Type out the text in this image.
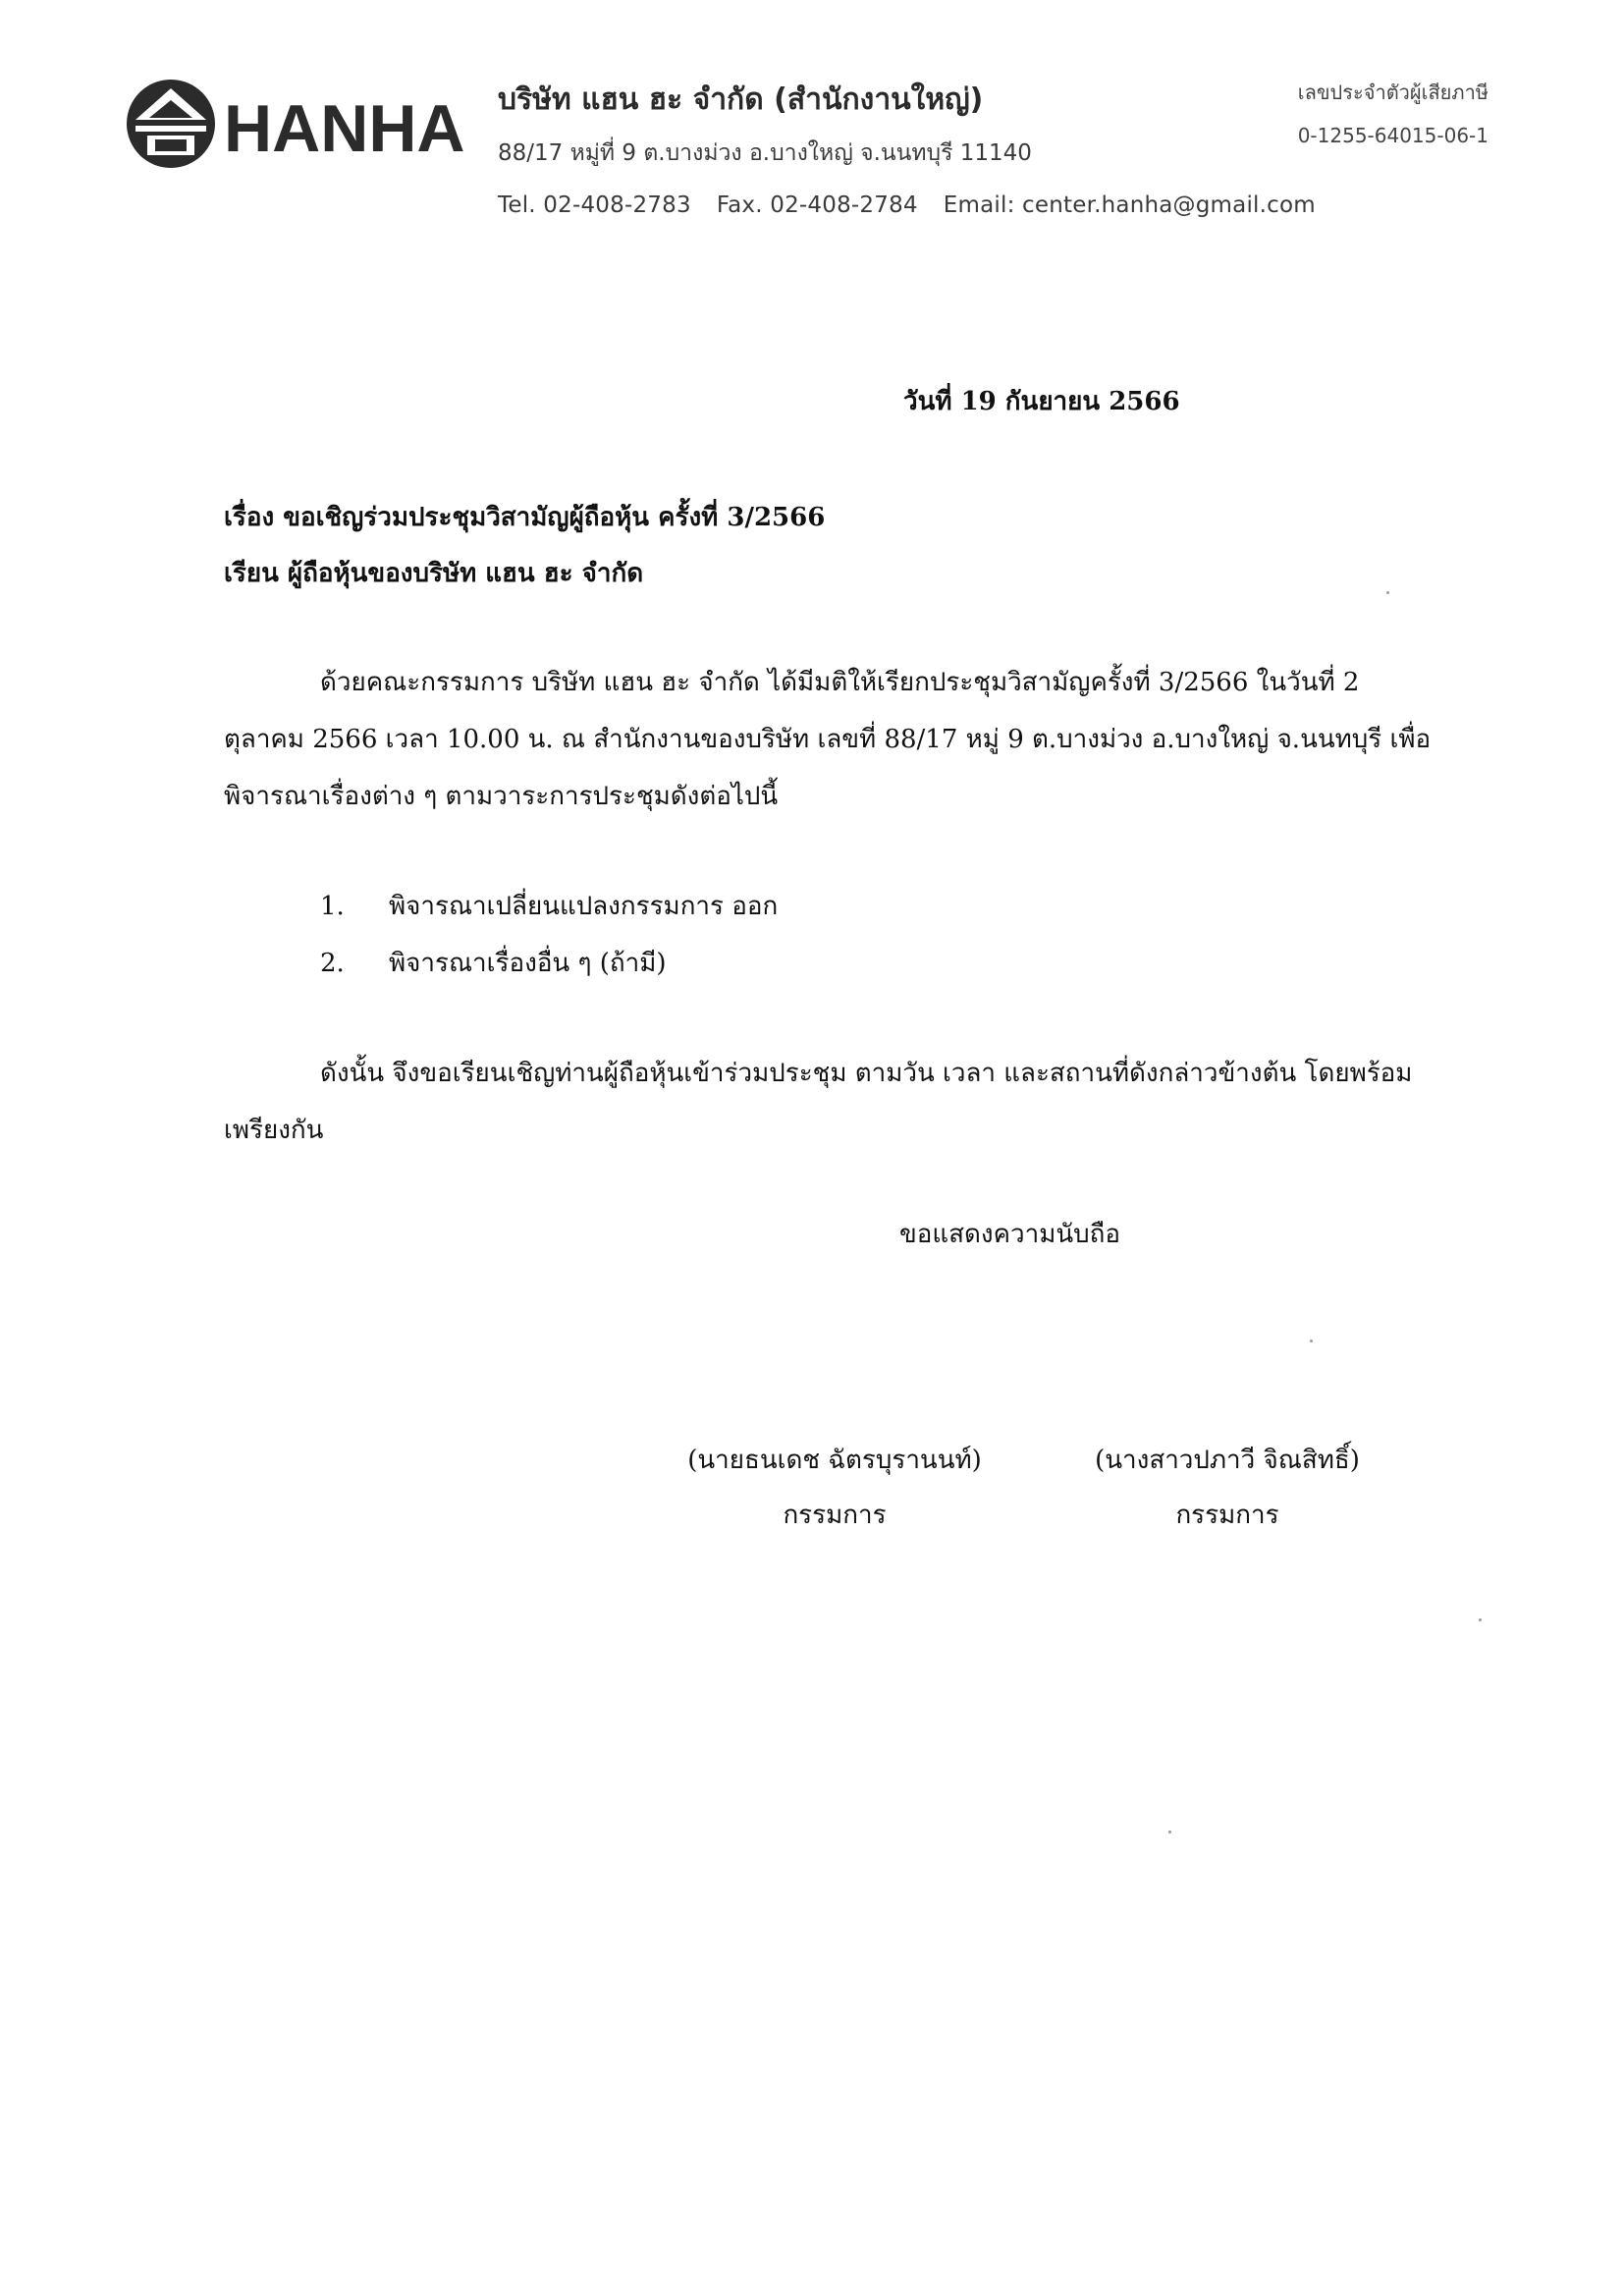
HANHA บริษัท แฮน ฮะ จำกัด (สำนักงานใหญ่)
88/17 หมู่ที่ 9 ต.บางม่วง อ.บางใหญ่ จ.นนทบุรี 11140
Tel. 02-408-2783 Fax. 02-408-2784 Email: center.hanha@gmail.com
เลขประจำตัวผู้เสียภาษี
0-1255-64015-06-1
วันที่ 19 กันยายน 2566
เรื่อง ขอเชิญร่วมประชุมวิสามัญผู้ถือหุ้น ครั้งที่ 3/2566
เรียน ผู้ถือหุ้นของบริษัท แฮน ฮะ จำกัด
ด้วยคณะกรรมการ บริษัท แฮน ฮะ จำกัด ได้มีมติให้เรียกประชุมวิสามัญครั้งที่ 3/2566 ในวันที่ 2
ตุลาคม 2566 เวลา 10.00 น. ณ สำนักงานของบริษัท เลขที่ 88/17 หมู่ 9 ต.บางม่วง อ.บางใหญ่ จ.นนทบุรี เพื่อ
พิจารณาเรื่องต่าง ๆ ตามวาระการประชุมดังต่อไปนี้
1. พิจารณาเปลี่ยนแปลงกรรมการ ออก
2. พิจารณาเรื่องอื่น ๆ (ถ้ามี)
ดังนั้น จึงขอเรียนเชิญท่านผู้ถือหุ้นเข้าร่วมประชุม ตามวัน เวลา และสถานที่ดังกล่าวข้างต้น โดยพร้อม
เพรียงกัน
ขอแสดงความนับถือ
(นายธนเดช ฉัตรบุรานนท์)
กรรมการ
(นางสาวปภาวี จิณสิทธิ์)
กรรมการ
